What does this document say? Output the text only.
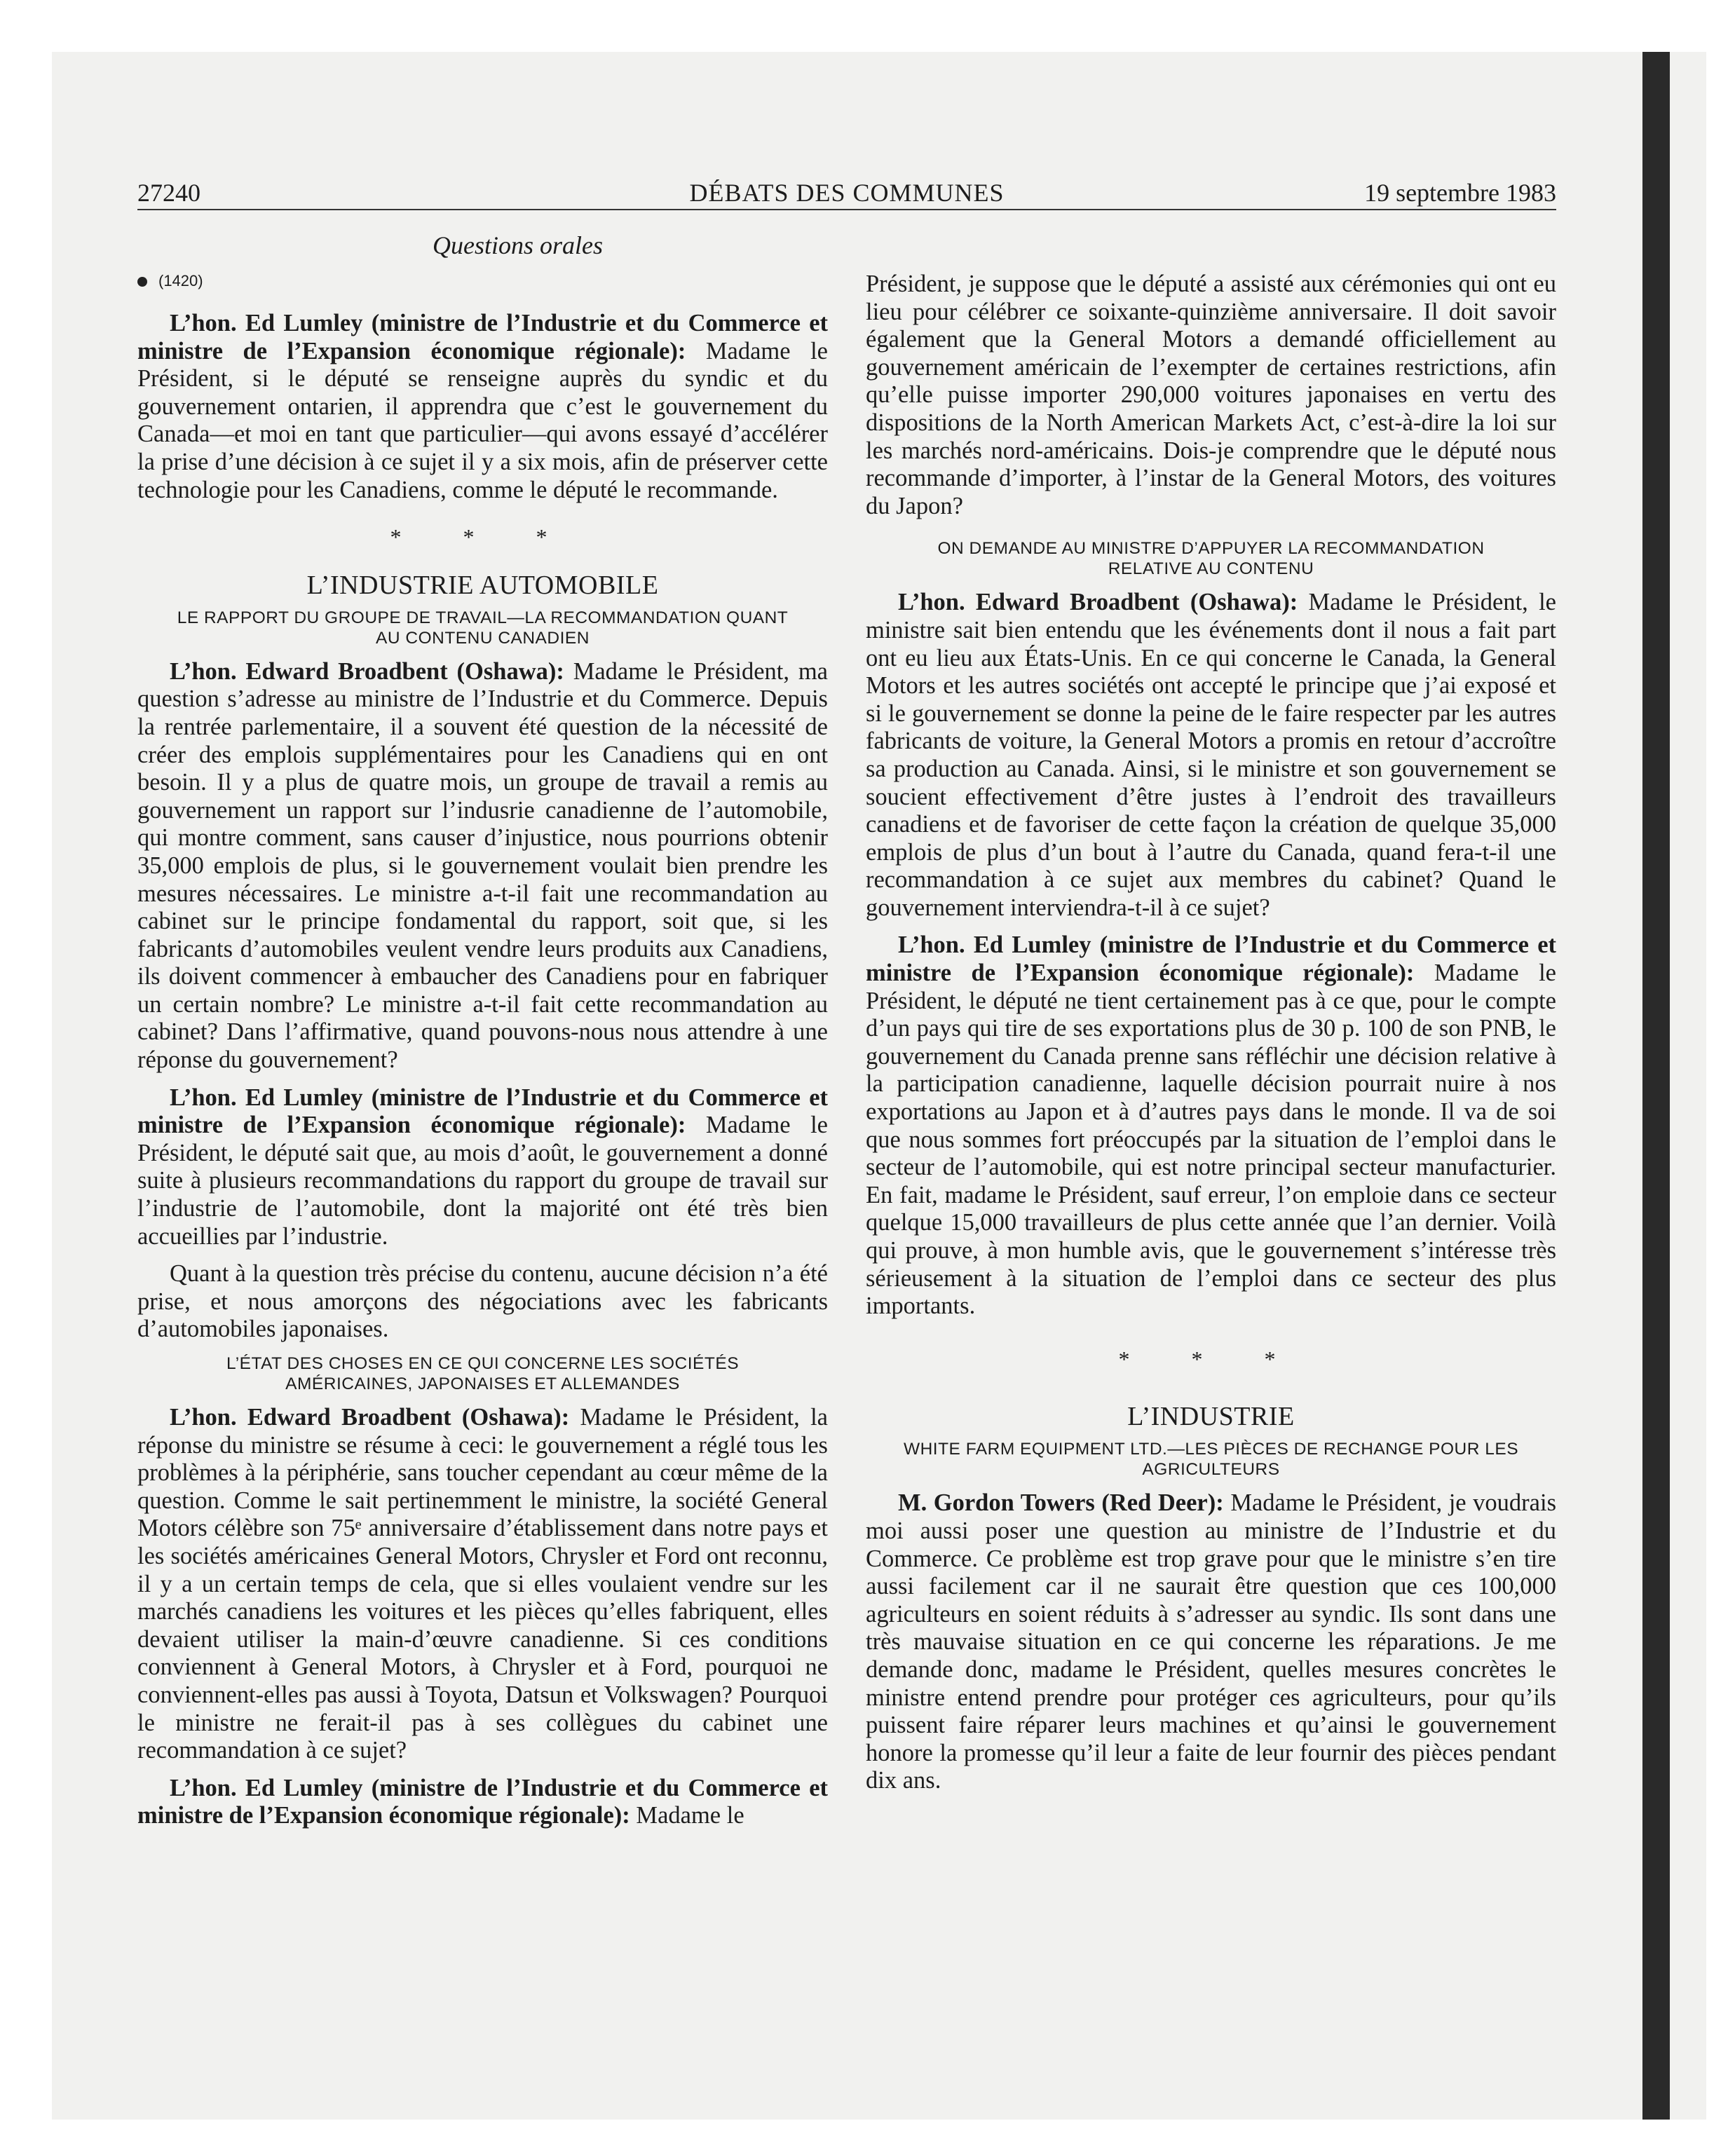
27240	DÉBATS DES COMMUNES	19 septembre 1983
Questions orales
(1420)

L’hon. Ed Lumley (ministre de l’Industrie et du Commerce et ministre de l’Expansion économique régionale): Madame le Président, si le député se renseigne auprès du syndic et du gouvernement ontarien, il apprendra que c’est le gouvernement du Canada—et moi en tant que particulier—qui avons essayé d’accélérer la prise d’une décision à ce sujet il y a six mois, afin de préserver cette technologie pour les Canadiens, comme le député le recommande.

* * *
L’INDUSTRIE AUTOMOBILE
LE RAPPORT DU GROUPE DE TRAVAIL—LA RECOMMANDATION QUANT AU CONTENU CANADIEN

L’hon. Edward Broadbent (Oshawa): Madame le Président, ma question s’adresse au ministre de l’Industrie et du Commerce. Depuis la rentrée parlementaire, il a souvent été question de la nécessité de créer des emplois supplémentaires pour les Canadiens qui en ont besoin. Il y a plus de quatre mois, un groupe de travail a remis au gouvernement un rapport sur l’indusrie canadienne de l’automobile, qui montre comment, sans causer d’injustice, nous pourrions obtenir 35,000 emplois de plus, si le gouvernement voulait bien prendre les mesures nécessaires. Le ministre a-t-il fait une recommandation au cabinet sur le principe fondamental du rapport, soit que, si les fabricants d’automobiles veulent vendre leurs produits aux Canadiens, ils doivent commencer à embaucher des Canadiens pour en fabriquer un certain nombre? Le ministre a-t-il fait cette recommandation au cabinet? Dans l’affirmative, quand pouvons-nous nous attendre à une réponse du gouvernement?

L’hon. Ed Lumley (ministre de l’Industrie et du Commerce et ministre de l’Expansion économique régionale): Madame le Président, le député sait que, au mois d’août, le gouvernement a donné suite à plusieurs recommandations du rapport du groupe de travail sur l’industrie de l’automobile, dont la majorité ont été très bien accueillies par l’industrie.

Quant à la question très précise du contenu, aucune décision n’a été prise, et nous amorçons des négociations avec les fabricants d’automobiles japonaises.

L’ÉTAT DES CHOSES EN CE QUI CONCERNE LES SOCIÉTÉS AMÉRICAINES, JAPONAISES ET ALLEMANDES

L’hon. Edward Broadbent (Oshawa): Madame le Président, la réponse du ministre se résume à ceci: le gouvernement a réglé tous les problèmes à la périphérie, sans toucher cependant au cœur même de la question. Comme le sait pertinemment le ministre, la société General Motors célèbre son 75ᵉ anniversaire d’établissement dans notre pays et les sociétés américaines General Motors, Chrysler et Ford ont reconnu, il y a un certain temps de cela, que si elles voulaient vendre sur les marchés canadiens les voitures et les pièces qu’elles fabriquent, elles devaient utiliser la main-d’œuvre canadienne. Si ces conditions conviennent à General Motors, à Chrysler et à Ford, pourquoi ne conviennent-elles pas aussi à Toyota, Datsun et Volkswagen? Pourquoi le ministre ne ferait-il pas à ses collègues du cabinet une recommandation à ce sujet?

L’hon. Ed Lumley (ministre de l’Industrie et du Commerce et ministre de l’Expansion économique régionale): Madame le

Président, je suppose que le député a assisté aux cérémonies qui ont eu lieu pour célébrer ce soixante-quinzième anniversaire. Il doit savoir également que la General Motors a demandé officiellement au gouvernement américain de l’exempter de certaines restrictions, afin qu’elle puisse importer 290,000 voitures japonaises en vertu des dispositions de la North American Markets Act, c’est-à-dire la loi sur les marchés nord-américains. Dois-je comprendre que le député nous recommande d’importer, à l’instar de la General Motors, des voitures du Japon?

ON DEMANDE AU MINISTRE D’APPUYER LA RECOMMANDATION RELATIVE AU CONTENU

L’hon. Edward Broadbent (Oshawa): Madame le Président, le ministre sait bien entendu que les événements dont il nous a fait part ont eu lieu aux États-Unis. En ce qui concerne le Canada, la General Motors et les autres sociétés ont accepté le principe que j’ai exposé et si le gouvernement se donne la peine de le faire respecter par les autres fabricants de voiture, la General Motors a promis en retour d’accroître sa production au Canada. Ainsi, si le ministre et son gouvernement se soucient effectivement d’être justes à l’endroit des travailleurs canadiens et de favoriser de cette façon la création de quelque 35,000 emplois de plus d’un bout à l’autre du Canada, quand fera-t-il une recommandation à ce sujet aux membres du cabinet? Quand le gouvernement interviendra-t-il à ce sujet?

L’hon. Ed Lumley (ministre de l’Industrie et du Commerce et ministre de l’Expansion économique régionale): Madame le Président, le député ne tient certainement pas à ce que, pour le compte d’un pays qui tire de ses exportations plus de 30 p. 100 de son PNB, le gouvernement du Canada prenne sans réfléchir une décision relative à la participation canadienne, laquelle décision pourrait nuire à nos exportations au Japon et à d’autres pays dans le monde. Il va de soi que nous sommes fort préoccupés par la situation de l’emploi dans le secteur de l’automobile, qui est notre principal secteur manufacturier. En fait, madame le Président, sauf erreur, l’on emploie dans ce secteur quelque 15,000 travailleurs de plus cette année que l’an dernier. Voilà qui prouve, à mon humble avis, que le gouvernement s’intéresse très sérieusement à la situation de l’emploi dans ce secteur des plus importants.

* * *
L’INDUSTRIE
WHITE FARM EQUIPMENT LTD.—LES PIÈCES DE RECHANGE POUR LES AGRICULTEURS

M. Gordon Towers (Red Deer): Madame le Président, je voudrais moi aussi poser une question au ministre de l’Industrie et du Commerce. Ce problème est trop grave pour que le ministre s’en tire aussi facilement car il ne saurait être question que ces 100,000 agriculteurs en soient réduits à s’adresser au syndic. Ils sont dans une très mauvaise situation en ce qui concerne les réparations. Je me demande donc, madame le Président, quelles mesures concrètes le ministre entend prendre pour protéger ces agriculteurs, pour qu’ils puissent faire réparer leurs machines et qu’ainsi le gouvernement honore la promesse qu’il leur a faite de leur fournir des pièces pendant dix ans.
